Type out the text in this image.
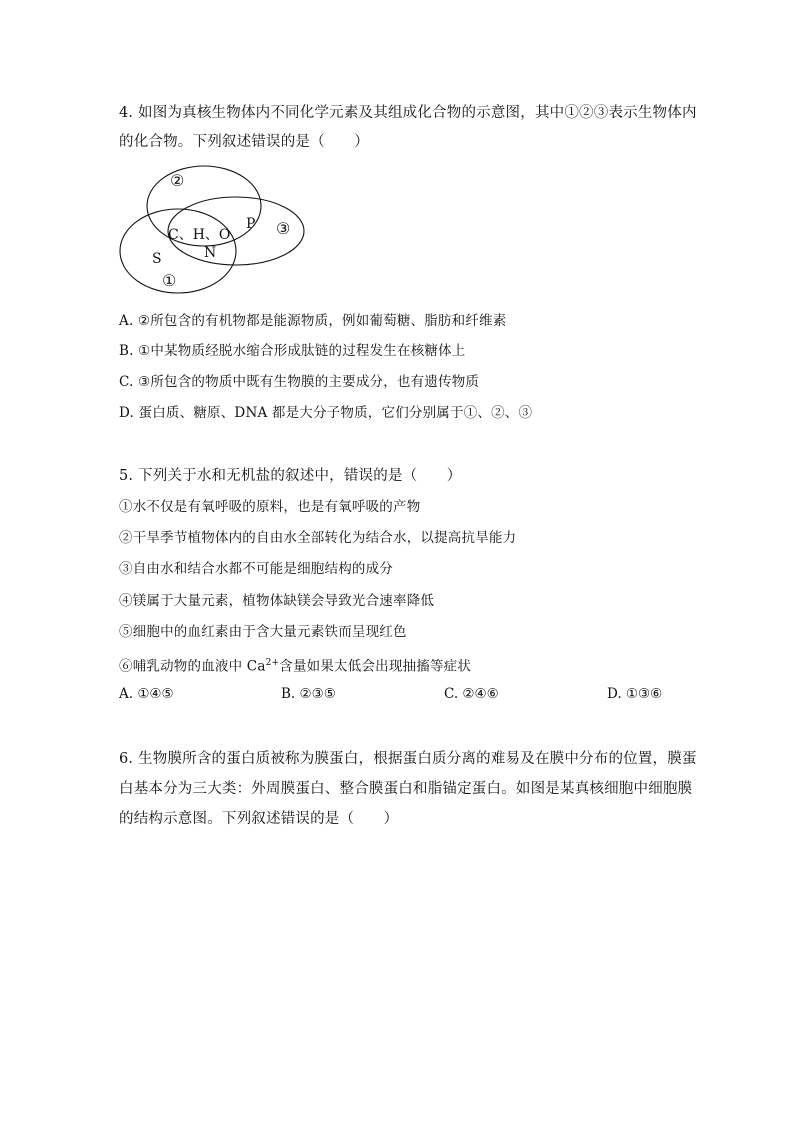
4. 如图为真核生物体内不同化学元素及其组成化合物的示意图，其中①②③表示生物体内
的化合物。下列叙述错误的是（　　）
②
③
①
C、H、O
N
P
S
A. ②所包含的有机物都是能源物质，例如葡萄糖、脂肪和纤维素
B. ①中某物质经脱水缩合形成肽链的过程发生在核糖体上
C. ③所包含的物质中既有生物膜的主要成分，也有遗传物质
D. 蛋白质、糖原、DNA 都是大分子物质，它们分别属于①、②、③
5. 下列关于水和无机盐的叙述中，错误的是（　　）
①水不仅是有氧呼吸的原料，也是有氧呼吸的产物
②干旱季节植物体内的自由水全部转化为结合水，以提高抗旱能力
③自由水和结合水都不可能是细胞结构的成分
④镁属于大量元素，植物体缺镁会导致光合速率降低
⑤细胞中的血红素由于含大量元素铁而呈现红色
⑥哺乳动物的血液中 $Ca^{2+}$含量如果太低会出现抽搐等症状
A. ①④⑤	B. ②③⑤	C. ②④⑥	D. ①③⑥
6. 生物膜所含的蛋白质被称为膜蛋白，根据蛋白质分离的难易及在膜中分布的位置，膜蛋
白基本分为三大类：外周膜蛋白、整合膜蛋白和脂锚定蛋白。如图是某真核细胞中细胞膜
的结构示意图。下列叙述错误的是（　　）
